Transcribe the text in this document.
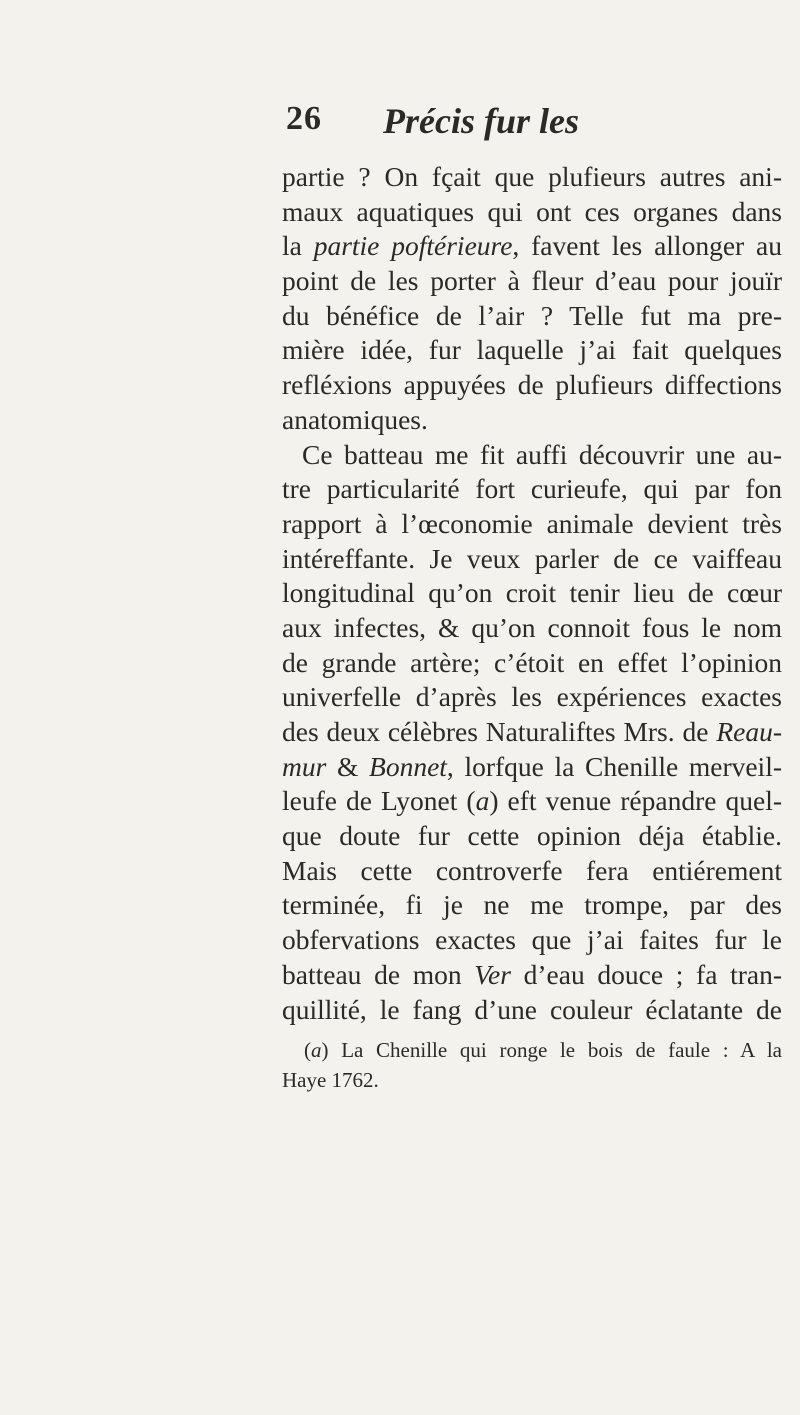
26 Précis fur les
partie ? On fçait que plufieurs autres ani-
maux aquatiques qui ont ces organes dans
la partie poftérieure, favent les allonger au
point de les porter à fleur d’eau pour jouïr
du bénéfice de l’air ? Telle fut ma pre-
mière idée, fur laquelle j’ai fait quelques
refléxions appuyées de plufieurs diffections
anatomiques.
Ce batteau me fit auffi découvrir une au-
tre particularité fort curieufe, qui par fon
rapport à l’œconomie animale devient très
intéreffante. Je veux parler de ce vaiffeau
longitudinal qu’on croit tenir lieu de cœur
aux infectes, & qu’on connoit fous le nom
de grande artère; c’étoit en effet l’opinion
univerfelle d’après les expériences exactes
des deux célèbres Naturaliftes Mrs. de Reau-
mur & Bonnet, lorfque la Chenille merveil-
leufe de Lyonet (a) eft venue répandre quel-
que doute fur cette opinion déja établie.
Mais cette controverfe fera entiérement
terminée, fi je ne me trompe, par des
obfervations exactes que j’ai faites fur le
batteau de mon Ver d’eau douce ; fa tran-
quillité, le fang d’une couleur éclatante de
(a) La Chenille qui ronge le bois de faule : A la
Haye 1762.
